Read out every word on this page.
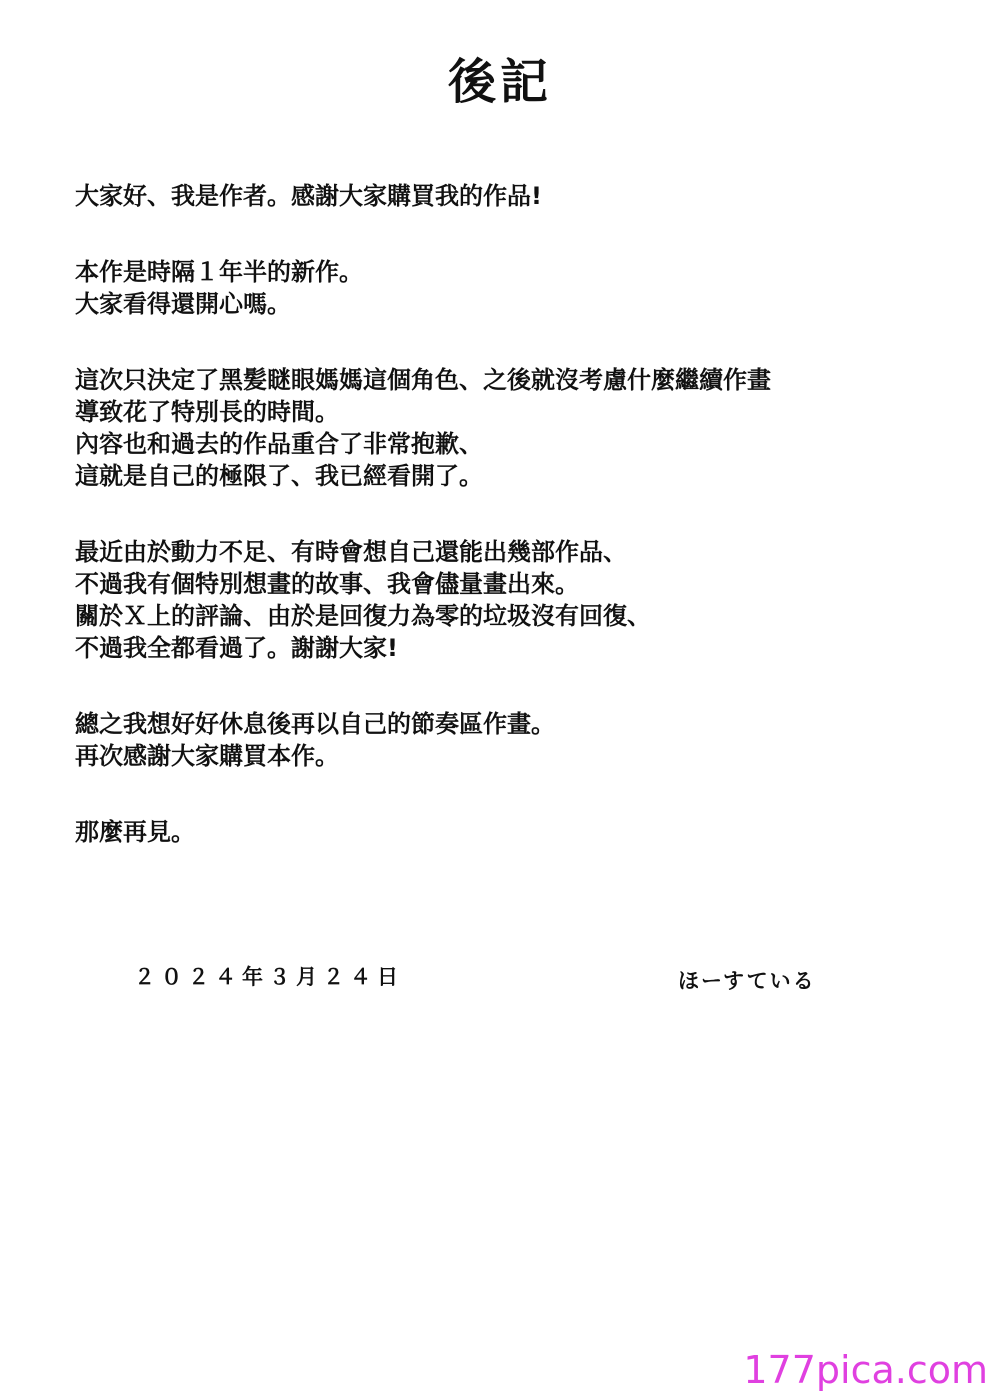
後記
大家好、我是作者。感謝大家購買我的作品!
本作是時隔１年半的新作。
大家看得還開心嗎。
這次只決定了黑髪瞇眼媽媽這個角色、之後就沒考慮什麼繼續作畫
導致花了特別長的時間。
內容也和過去的作品重合了非常抱歉、
這就是自己的極限了、我已經看開了。
最近由於動力不足、有時會想自己還能出幾部作品、
不過我有個特別想畫的故事、我會儘量畫出來。
關於Ｘ上的評論、由於是回復力為零的垃圾沒有回復、
不過我全都看過了。謝謝大家!
總之我想好好休息後再以自己的節奏區作畫。
再次感謝大家購買本作。
那麼再見。
２０２４年３月２４日	ほーすている
177pica.com
